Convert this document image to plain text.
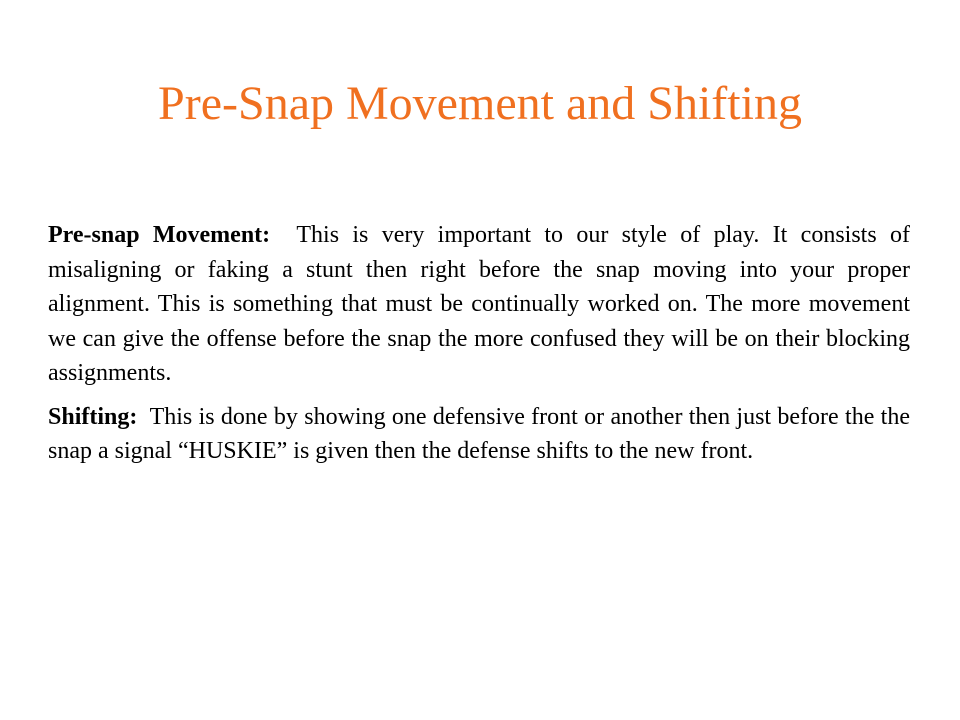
Pre-Snap Movement and Shifting

Pre-snap Movement: This is very important to our style of play. It consists of misaligning or faking a stunt then right before the snap moving into your proper alignment. This is something that must be continually worked on. The more movement we can give the offense before the snap the more confused they will be on their blocking assignments.

Shifting: This is done by showing one defensive front or another then just before the the snap a signal “HUSKIE” is given then the defense shifts to the new front.
